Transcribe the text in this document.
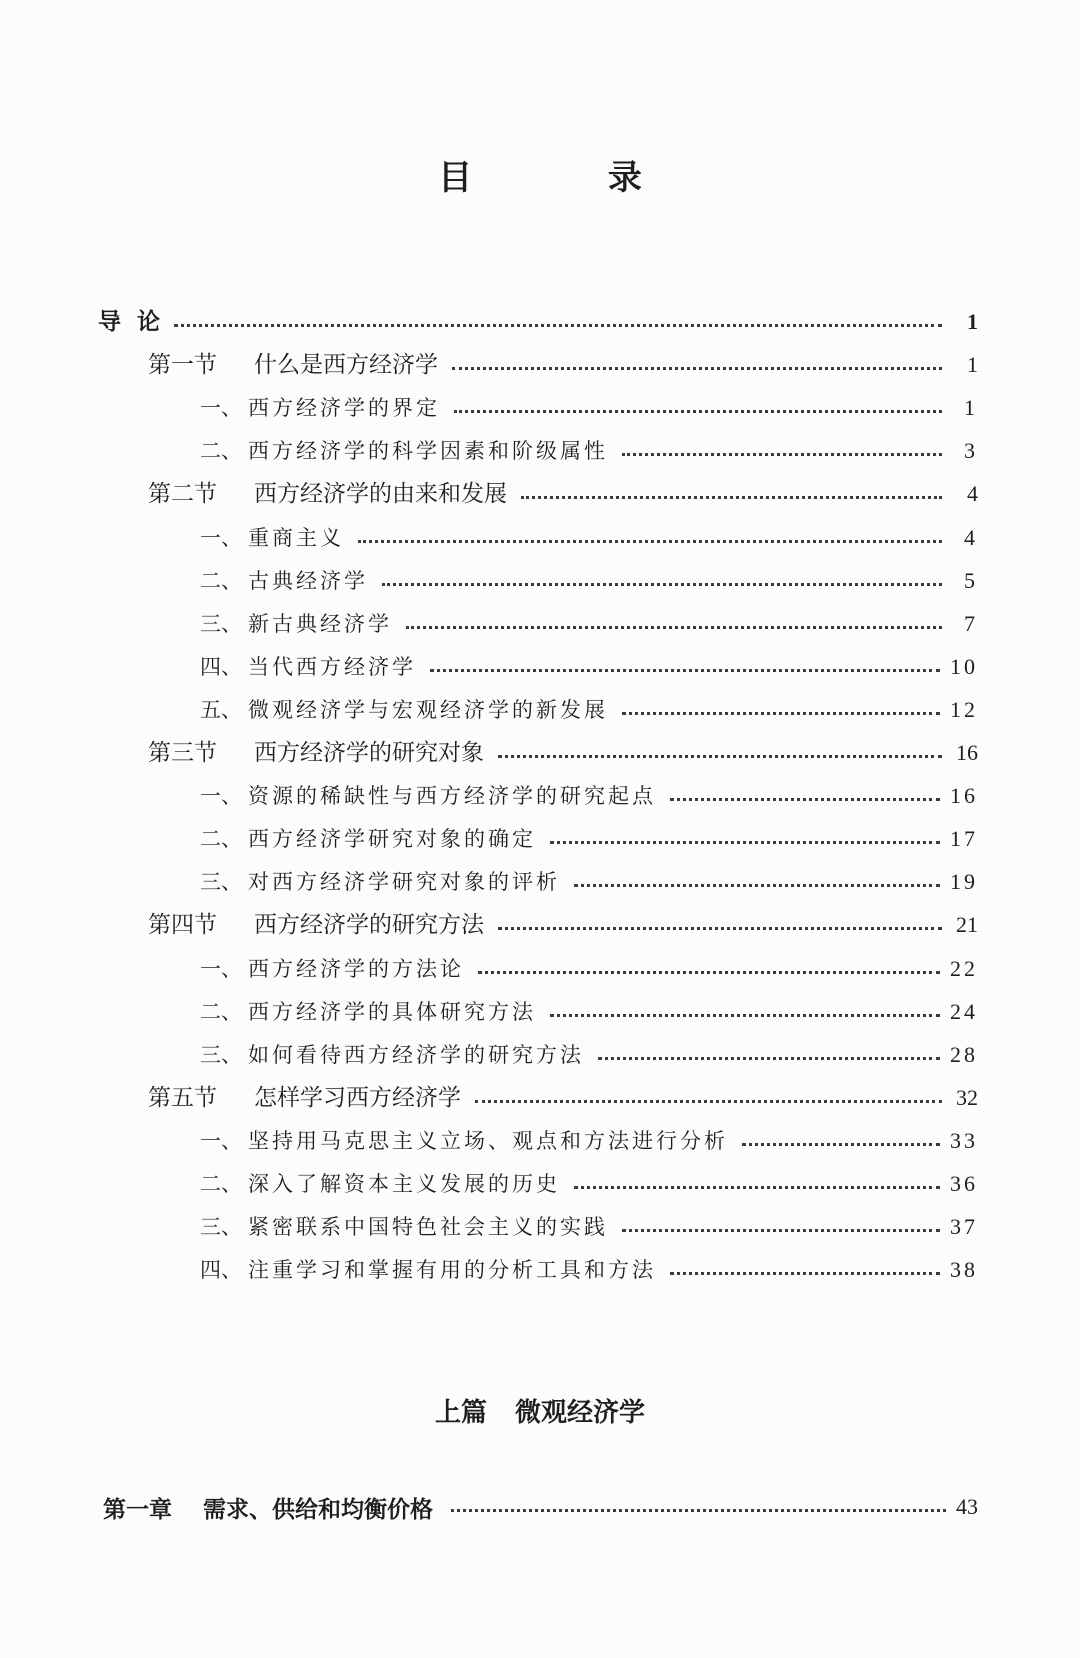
目 录
导  论	1
第一节	什么是西方经济学	1
一、 西方经济学的界定	1
二、 西方经济学的科学因素和阶级属性	3
第二节	西方经济学的由来和发展	4
一、 重商主义	4
二、 古典经济学	5
三、 新古典经济学	7
四、 当代西方经济学	10
五、 微观经济学与宏观经济学的新发展	12
第三节	西方经济学的研究对象	16
一、 资源的稀缺性与西方经济学的研究起点	16
二、 西方经济学研究对象的确定	17
三、 对西方经济学研究对象的评析	19
第四节	西方经济学的研究方法	21
一、 西方经济学的方法论	22
二、 西方经济学的具体研究方法	24
三、 如何看待西方经济学的研究方法	28
第五节	怎样学习西方经济学	32
一、 坚持用马克思主义立场、观点和方法进行分析	33
二、 深入了解资本主义发展的历史	36
三、 紧密联系中国特色社会主义的实践	37
四、 注重学习和掌握有用的分析工具和方法	38
上篇 微观经济学
第一章	需求、供给和均衡价格	43
